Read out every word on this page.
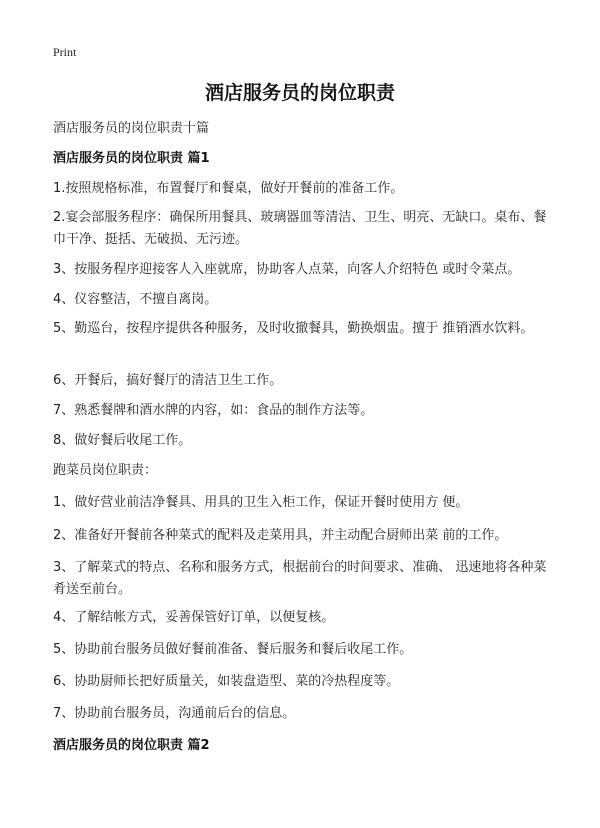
Print
酒店服务员的岗位职责
酒店服务员的岗位职责十篇
酒店服务员的岗位职责 篇1
1.按照规格标准，布置餐厅和餐桌，做好开餐前的准备工作。
2.宴会部服务程序：确保所用餐具、玻璃器皿等清洁、卫生、明亮、无缺口。桌布、餐巾干净、挺括、无破损、无污迹。
3、按服务程序迎接客人入座就席，协助客人点菜，向客人介绍特色 或时令菜点。
4、仪容整洁，不擅自离岗。
5、勤巡台，按程序提供各种服务，及时收撤餐具，勤换烟盅。擅于 推销酒水饮料。
6、开餐后，搞好餐厅的清洁卫生工作。
7、熟悉餐牌和酒水牌的内容，如：食品的制作方法等。
8、做好餐后收尾工作。
跑菜员岗位职责：
1、做好营业前洁净餐具、用具的卫生入柜工作，保证开餐时使用方 便。
2、准备好开餐前各种菜式的配料及走菜用具，并主动配合厨师出菜 前的工作。
3、了解菜式的特点、名称和服务方式，根据前台的时间要求、准确、 迅速地将各种菜肴送至前台。
4、了解结帐方式，妥善保管好订单，以便复核。
5、协助前台服务员做好餐前准备、餐后服务和餐后收尾工作。
6、协助厨师长把好质量关，如装盘造型、菜的冷热程度等。
7、协助前台服务员，沟通前后台的信息。
酒店服务员的岗位职责 篇2
